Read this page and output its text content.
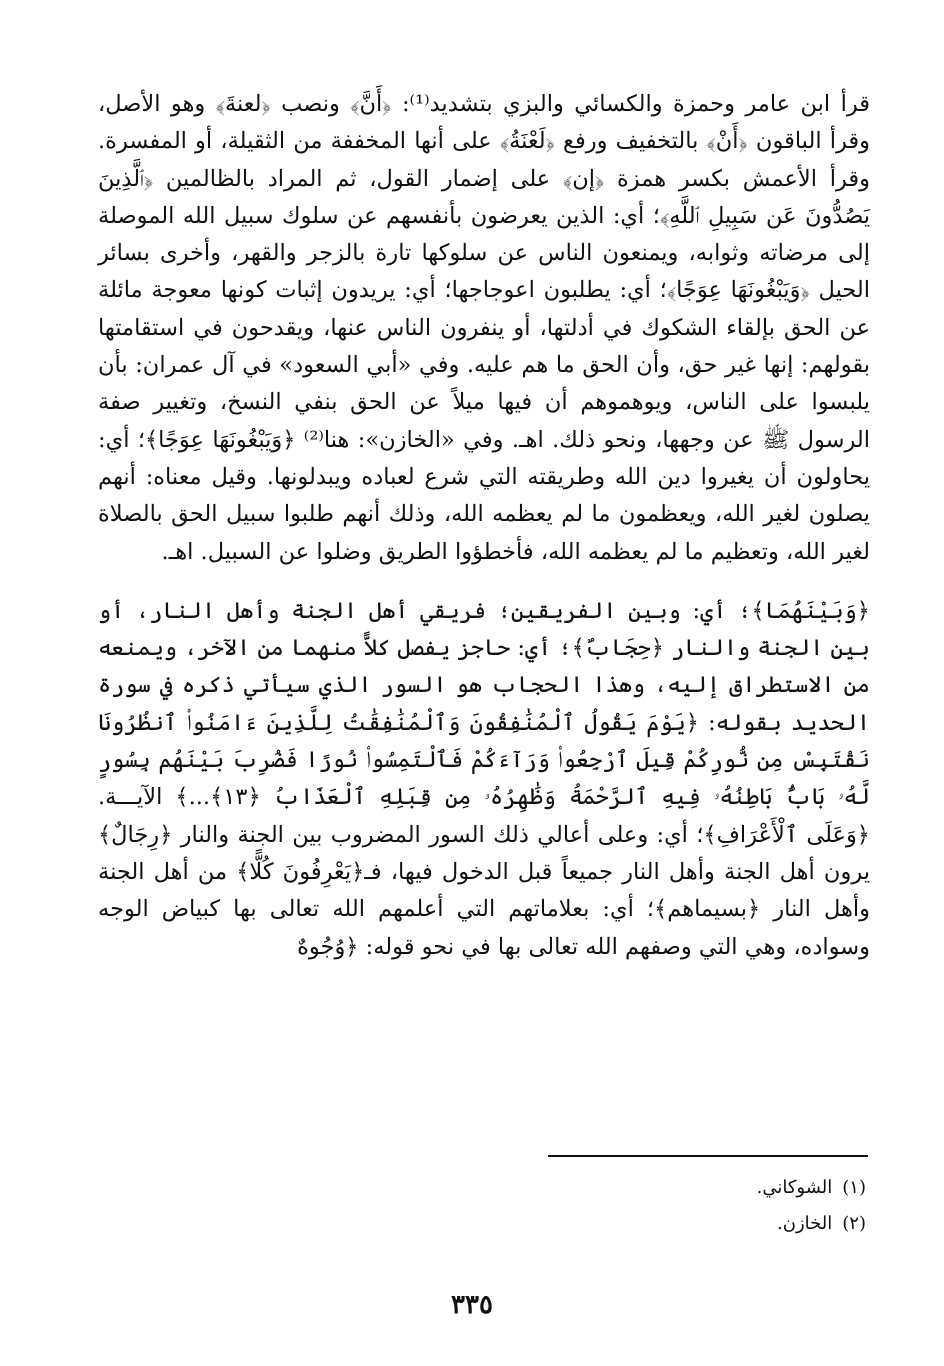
قرأ ابن عامر وحمزة والكسائي والبزي بتشديد⁽¹⁾: ﴿أَنَّ﴾ ونصب ﴿لعنةَ﴾ وهو الأصل، وقرأ الباقون ﴿أَنْ﴾ بالتخفيف ورفع ﴿لَعْنَةُ﴾ على أنها المخففة من الثقيلة، أو المفسرة. وقرأ الأعمش بكسر همزة ﴿إن﴾ على إضمار القول، ثم المراد بالظالمين ﴿ٱلَّذِينَ يَصُدُّونَ عَن سَبِيلِ ٱللَّهِ﴾؛ أي: الذين يعرضون بأنفسهم عن سلوك سبيل الله الموصلة إلى مرضاته وثوابه، ويمنعون الناس عن سلوكها تارة بالزجر والقهر، وأخرى بسائر الحيل ﴿وَيَبْغُونَهَا عِوَجًا﴾؛ أي: يطلبون اعوجاجها؛ أي: يريدون إثبات كونها معوجة مائلة عن الحق بإلقاء الشكوك في أدلتها، أو ينفرون الناس عنها، ويقدحون في استقامتها بقولهم: إنها غير حق، وأن الحق ما هم عليه. وفي «أبي السعود» في آل عمران: بأن يلبسوا على الناس، ويوهموهم أن فيها ميلاً عن الحق بنفي النسخ، وتغيير صفة الرسول ﷺ عن وجهها، ونحو ذلك. اهـ. وفي «الخازن»: هنا⁽²⁾ ﴿وَيَبْغُونَهَا عِوَجًا﴾؛ أي: يحاولون أن يغيروا دين الله وطريقته التي شرع لعباده ويبدلونها. وقيل معناه: أنهم يصلون لغير الله، ويعظمون ما لم يعظمه الله، وذلك أنهم طلبوا سبيل الحق بالصلاة لغير الله، وتعظيم ما لم يعظمه الله، فأخطؤوا الطريق وضلوا عن السبيل. اهـ.

﴿وَبَيْنَهُمَا﴾؛ أي: وبين الفريقين؛ فريقي أهل الجنة وأهل النار، أو بين الجنة والنار ﴿حِجَابٌ﴾؛ أي: حاجز يفصل كلاًّ منهما من الآخر، ويمنعه من الاستطراق إليه، وهذا الحجاب هو السور الذي سيأتي ذكره في سورة الحديد بقوله: ﴿يَوْمَ يَقُولُ ٱلْمُنَٰفِقُونَ وَٱلْمُنَٰفِقَٰتُ لِلَّذِينَ ءَامَنُوا۟ ٱنظُرُونَا نَقْتَبِسْ مِن نُّورِكُمْ قِيلَ ٱرْجِعُوا۟ وَرَآءَكُمْ فَٱلْتَمِسُوا۟ نُورًا فَضُرِبَ بَيْنَهُم بِسُورٍ لَّهُۥ بَابٌۢ بَاطِنُهُۥ فِيهِ ٱلرَّحْمَةُ وَظَٰهِرُهُۥ مِن قِبَلِهِ ٱلْعَذَابُ ﴿١٣﴾...﴾ الآيـــة. ﴿وَعَلَى ٱلْأَعْرَافِ﴾؛ أي: وعلى أعالي ذلك السور المضروب بين الجنة والنار ﴿رِجَالٌ﴾ يرون أهل الجنة وأهل النار جميعاً قبل الدخول فيها، فـ﴿يَعْرِفُونَ كُلًّا﴾ من أهل الجنة وأهل النار ﴿بسيماهم﴾؛ أي: بعلاماتهم التي أعلمهم الله تعالى بها كبياض الوجه وسواده، وهي التي وصفهم الله تعالى بها في نحو قوله: ﴿وُجُوهٌ

(١)الشوكاني.
(٢)الخازن.
٣٣٥
